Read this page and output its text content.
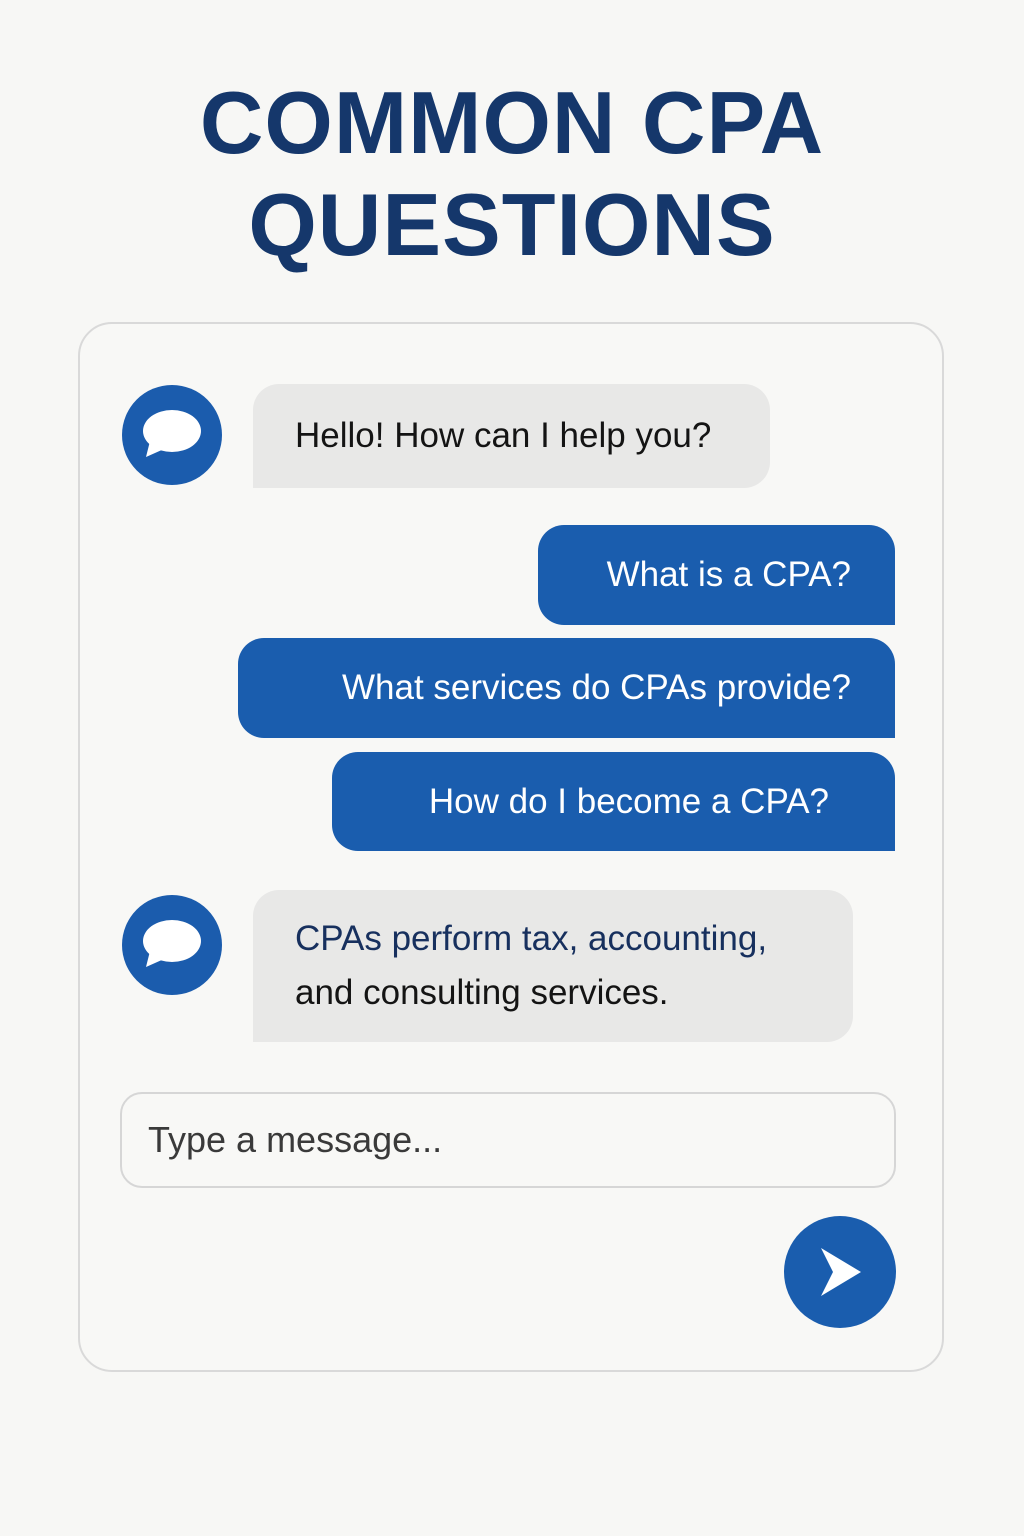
COMMON CPA
QUESTIONS
Hello! How can I help you?
What is a CPA?
What services do CPAs provide?
How do I become a CPA?
CPAs perform tax, accounting,
and consulting services.
Type a message...
